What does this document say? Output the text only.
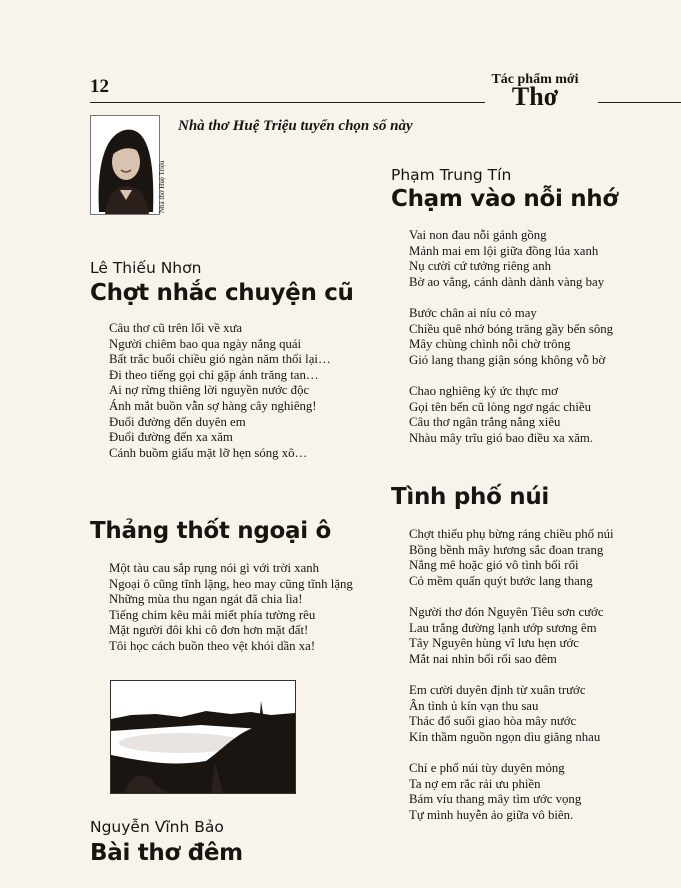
12	Tác phẩm mới
Thơ
Nhà thơ Huệ Triệu
Nhà thơ Huệ Triệu tuyển chọn số này
Lê Thiếu Nhơn
Chợt nhắc chuyện cũ
Câu thơ cũ trên lối về xưa
Người chiêm bao qua ngày nắng quái
Bất trắc buổi chiều gió ngàn năm thổi lại…
Đi theo tiếng gọi chỉ gặp ánh trăng tan…
Ai nợ rừng thiêng lời nguyền nước độc
Ánh mắt buồn vẫn sợ hàng cây nghiêng!
Đuổi đường đến duyên em
Đuổi đường đến xa xăm
Cánh buồm giấu mặt lỡ hẹn sóng xô…
Thảng thốt ngoại ô
Một tàu cau sắp rụng nói gì với trời xanh
Ngoại ô cũng tĩnh lặng, heo may cũng tĩnh lặng
Những mùa thu ngan ngát đã chia lìa!
Tiếng chim kêu mải miết phía tường rêu
Mặt người đôi khi cô đơn hơn mặt đất!
Tôi học cách buồn theo vệt khói dần xa!
Nguyễn Vĩnh Bảo
Bài thơ đêm
Phạm Trung Tín
Chạm vào nỗi nhớ
Vai non đau nỗi gánh gồng
Mảnh mai em lội giữa đồng lúa xanh
Nụ cười cứ tưởng riêng anh
Bờ ao vắng, cánh dành dành vàng bay
Bước chân ai níu cỏ may
Chiều quê nhớ bóng trăng gầy bến sông
Mây chùng chình nỗi chờ trông
Gió lang thang giận sóng không vỗ bờ
Chao nghiêng ký ức thực mơ
Gọi tên bến cũ lòng ngơ ngác chiều
Câu thơ ngân trắng nắng xiêu
Nhàu mây trĩu gió bao điều xa xăm.
Tình phố núi
Chợt thiếu phụ bừng ráng chiều phố núi
Bồng bềnh mây hương sắc đoan trang
Nắng mê hoặc gió vô tình bối rối
Cỏ mềm quấn quýt bước lang thang
Người thơ đón Nguyên Tiêu sơn cước
Lau trắng đường lạnh ướp sương êm
Tây Nguyên hùng vĩ lưu hẹn ước
Mắt nai nhìn bối rối sao đêm
Em cười duyên định từ xuân trước
Ân tình ủ kín vạn thu sau
Thác đổ suối giao hòa mây nước
Kín thầm nguồn ngọn dìu giăng nhau
Chỉ e phố núi tùy duyên mỏng
Ta nợ em rắc rải ưu phiền
Bám víu thang mây tìm ước vọng
Tự mình huyễn ảo giữa vô biên.
